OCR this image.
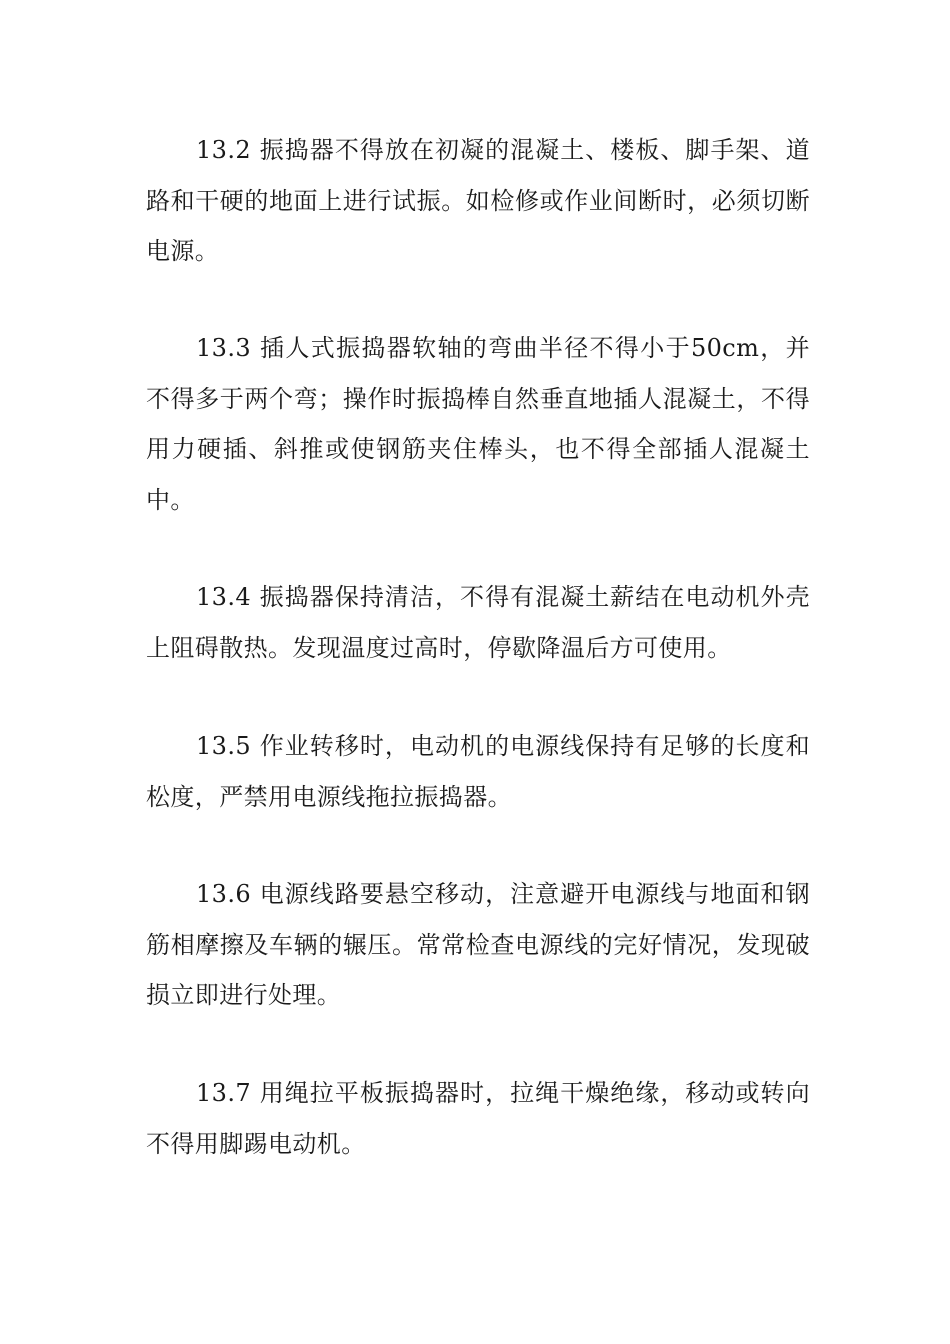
13.2 振捣器不得放在初凝的混凝土、楼板、脚手架、道路和干硬的地面上进行试振。如检修或作业间断时，必须切断电源。

13.3 插人式振捣器软轴的弯曲半径不得小于50cm，并不得多于两个弯；操作时振捣棒自然垂直地插人混凝土，不得用力硬插、斜推或使钢筋夹住棒头，也不得全部插人混凝土中。

13.4 振捣器保持清洁，不得有混凝土薪结在电动机外壳上阻碍散热。发现温度过高时，停歇降温后方可使用。

13.5 作业转移时，电动机的电源线保持有足够的长度和松度，严禁用电源线拖拉振捣器。

13.6 电源线路要悬空移动，注意避开电源线与地面和钢筋相摩擦及车辆的辗压。常常检查电源线的完好情况，发现破损立即进行处理。

13.7 用绳拉平板振捣器时，拉绳干燥绝缘，移动或转向不得用脚踢电动机。
